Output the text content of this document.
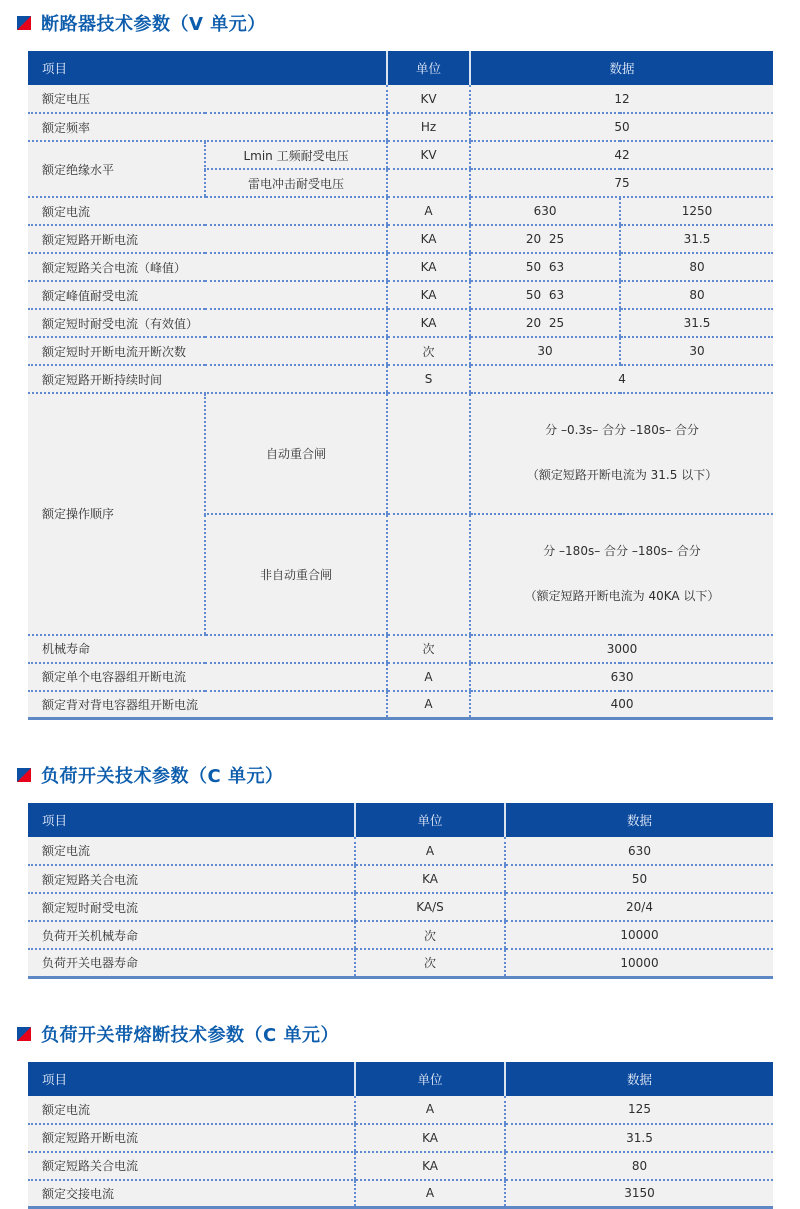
断路器技术参数（V 单元）
项目		单位	数据	
额定电压		KV	12	
额定频率		Hz	50	
额定绝缘水平	Lmin 工频耐受电压	KV	42	
	雷电冲击耐受电压		75	
额定电流		A	630	1250
额定短路开断电流		KA	20  25	31.5
额定短路关合电流（峰值）		KA	50  63	80
额定峰值耐受电流		KA	50  63	80
额定短时耐受电流（有效值）		KA	20  25	31.5
额定短时开断电流开断次数		次	30	30
额定短路开断持续时间		S	4	
额定操作顺序	自动重合闸		分 –0.3s– 合分 –180s– 合分

（额定短路开断电流为 31.5 以下）	

	非自动重合闸		分 –180s– 合分 –180s– 合分

（额定短路开断电流为 40KA 以下）	

机械寿命		次	3000	
额定单个电容器组开断电流		A	630	
额定背对背电容器组开断电流		A	400	
负荷开关技术参数（C 单元）
项目	单位	数据
额定电流	A	630
额定短路关合电流	KA	50
额定短时耐受电流	KA/S	20/4
负荷开关机械寿命	次	10000
负荷开关电器寿命	次	10000
负荷开关带熔断技术参数（C 单元）
项目	单位	数据
额定电流	A	125
额定短路开断电流	KA	31.5
额定短路关合电流	KA	80
额定交接电流	A	3150
